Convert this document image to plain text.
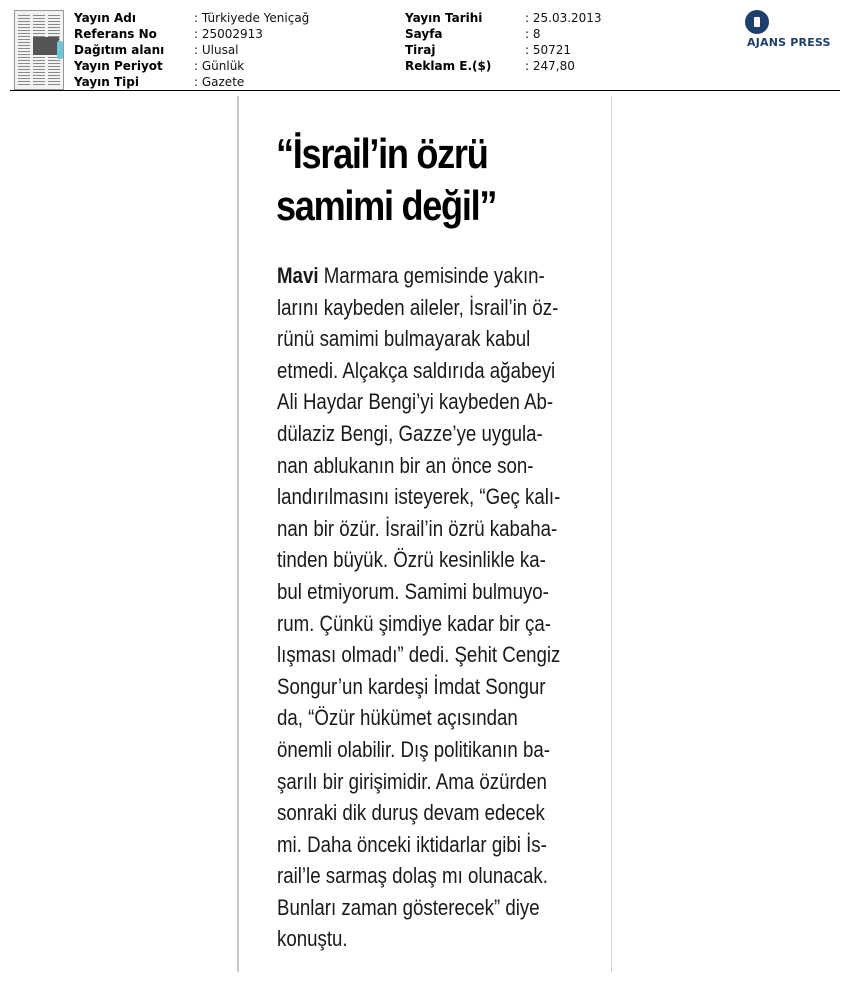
Yayın Adı	: Türkiyede Yeniçağ
Referans No	: 25002913
Dağıtım alanı	: Ulusal
Yayın Periyot	: Günlük
Yayın Tipi	: Gazete
Yayın Tarihi	: 25.03.2013
Sayfa	: 8
Tiraj	: 50721
Reklam E.($)	: 247,80
AJANS PRESS
“İsrail’in özrü
samimi değil”
Mavi Marmara gemisinde yakın-
larını kaybeden aileler, İsrail’in öz-
rünü samimi bulmayarak kabul
etmedi. Alçakça saldırıda ağabeyi
Ali Haydar Bengi’yi kaybeden Ab-
dülaziz Bengi, Gazze’ye uygula-
nan ablukanın bir an önce son-
landırılmasını isteyerek, “Geç kalı-
nan bir özür. İsrail’in özrü kabaha-
tinden büyük. Özrü kesinlikle ka-
bul etmiyorum. Samimi bulmuyo-
rum. Çünkü şimdiye kadar bir ça-
lışması olmadı” dedi. Şehit Cengiz
Songur’un kardeşi İmdat Songur
da, “Özür hükümet açısından
önemli olabilir. Dış politikanın ba-
şarılı bir girişimidir. Ama özürden
sonraki dik duruş devam edecek
mi. Daha önceki iktidarlar gibi İs-
rail’le sarmaş dolaş mı olunacak.
Bunları zaman gösterecek” diye
konuştu.
